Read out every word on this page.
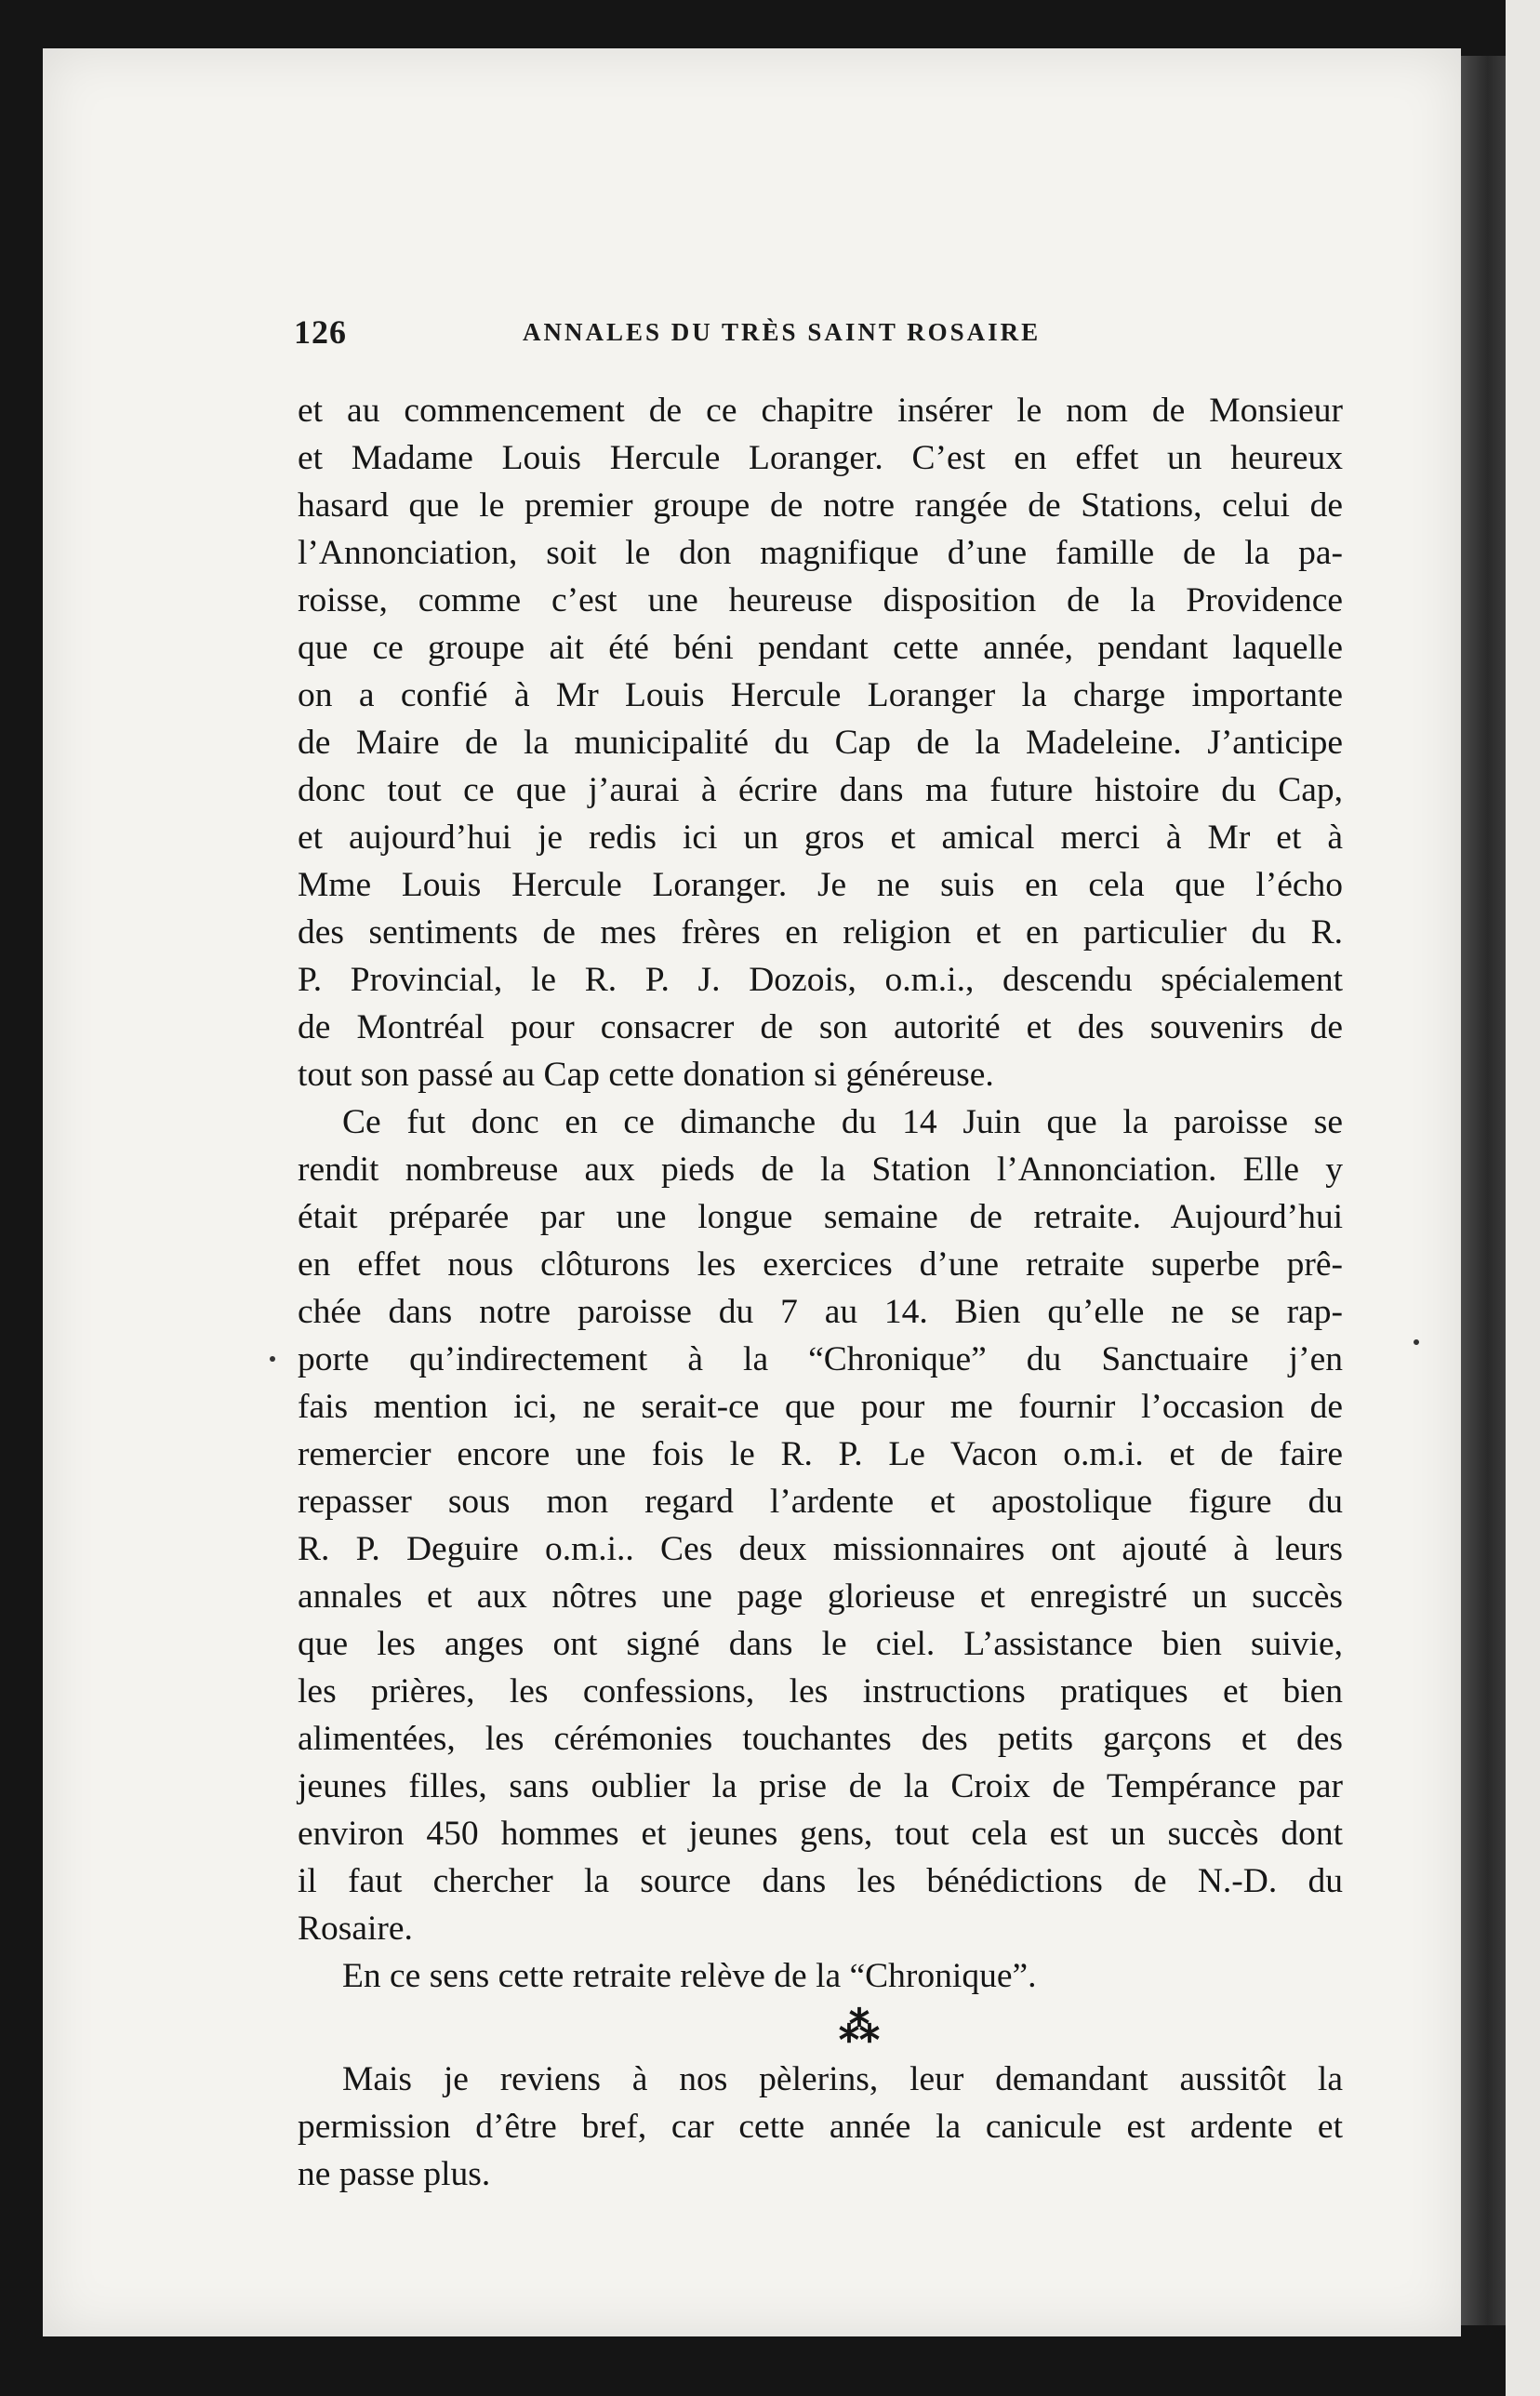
126	ANNALES DU TRÈS SAINT ROSAIRE
et au commencement de ce chapitre insérer le nom de Monsieur
et Madame Louis Hercule Loranger. C’est en effet un heureux
hasard que le premier groupe de notre rangée de Stations, celui de
l’Annonciation, soit le don magnifique d’une famille de la pa-
roisse, comme c’est une heureuse disposition de la Providence
que ce groupe ait été béni pendant cette année, pendant laquelle
on a confié à Mr Louis Hercule Loranger la charge importante
de Maire de la municipalité du Cap de la Madeleine. J’anticipe
donc tout ce que j’aurai à écrire dans ma future histoire du Cap,
et aujourd’hui je redis ici un gros et amical merci à Mr et à
Mme Louis Hercule Loranger. Je ne suis en cela que l’écho
des sentiments de mes frères en religion et en particulier du R.
P. Provincial, le R. P. J. Dozois, o.m.i., descendu spécialement
de Montréal pour consacrer de son autorité et des souvenirs de
tout son passé au Cap cette donation si généreuse.
Ce fut donc en ce dimanche du 14 Juin que la paroisse se
rendit nombreuse aux pieds de la Station l’Annonciation. Elle y
était préparée par une longue semaine de retraite. Aujourd’hui
en effet nous clôturons les exercices d’une retraite superbe prê-
chée dans notre paroisse du 7 au 14. Bien qu’elle ne se rap-
porte qu’indirectement à la “Chronique” du Sanctuaire j’en
fais mention ici, ne serait-ce que pour me fournir l’occasion de
remercier encore une fois le R. P. Le Vacon o.m.i. et de faire
repasser sous mon regard l’ardente et apostolique figure du
R. P. Deguire o.m.i.. Ces deux missionnaires ont ajouté à leurs
annales et aux nôtres une page glorieuse et enregistré un succès
que les anges ont signé dans le ciel. L’assistance bien suivie,
les prières, les confessions, les instructions pratiques et bien
alimentées, les cérémonies touchantes des petits garçons et des
jeunes filles, sans oublier la prise de la Croix de Tempérance par
environ 450 hommes et jeunes gens, tout cela est un succès dont
il faut chercher la source dans les bénédictions de N.-D. du
Rosaire.
En ce sens cette retraite relève de la “Chronique”.
⁂
Mais je reviens à nos pèlerins, leur demandant aussitôt la
permission d’être bref, car cette année la canicule est ardente et
ne passe plus.
